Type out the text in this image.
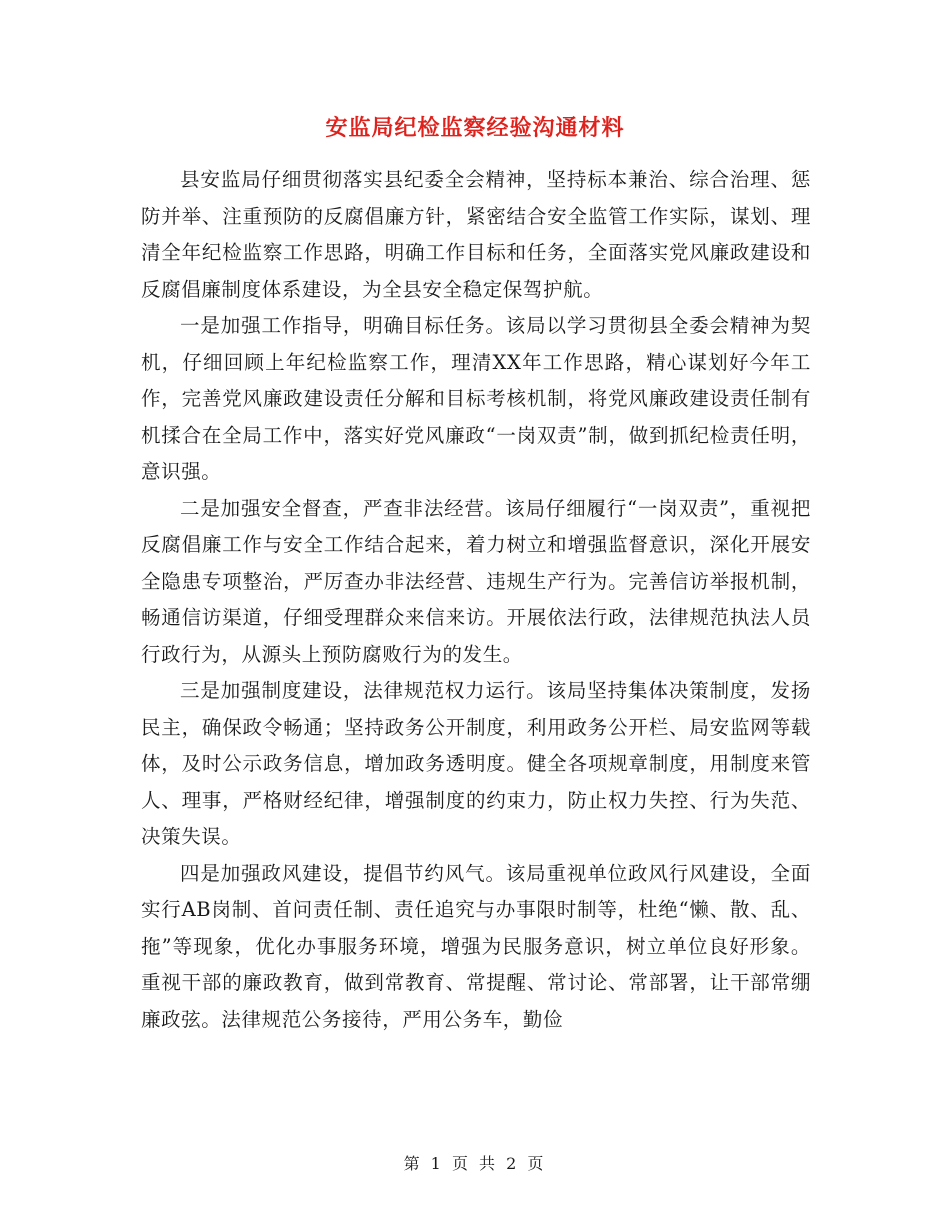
安监局纪检监察经验沟通材料

县安监局仔细贯彻落实县纪委全会精神，坚持标本兼治、综合治理、惩防并举、注重预防的反腐倡廉方针，紧密结合安全监管工作实际，谋划、理清全年纪检监察工作思路，明确工作目标和任务，全面落实党风廉政建设和反腐倡廉制度体系建设，为全县安全稳定保驾护航。

一是加强工作指导，明确目标任务。该局以学习贯彻县全委会精神为契机，仔细回顾上年纪检监察工作，理清XX年工作思路，精心谋划好今年工作，完善党风廉政建设责任分解和目标考核机制，将党风廉政建设责任制有机揉合在全局工作中，落实好党风廉政“一岗双责”制，做到抓纪检责任明，意识强。

二是加强安全督查，严查非法经营。该局仔细履行“一岗双责”，重视把反腐倡廉工作与安全工作结合起来，着力树立和增强监督意识，深化开展安全隐患专项整治，严厉查办非法经营、违规生产行为。完善信访举报机制，畅通信访渠道，仔细受理群众来信来访。开展依法行政，法律规范执法人员行政行为，从源头上预防腐败行为的发生。

三是加强制度建设，法律规范权力运行。该局坚持集体决策制度，发扬民主，确保政令畅通；坚持政务公开制度，利用政务公开栏、局安监网等载体，及时公示政务信息，增加政务透明度。健全各项规章制度，用制度来管人、理事，严格财经纪律，增强制度的约束力，防止权力失控、行为失范、决策失误。

四是加强政风建设，提倡节约风气。该局重视单位政风行风建设，全面实行AB岗制、首问责任制、责任追究与办事限时制等，杜绝“懒、散、乱、拖”等现象，优化办事服务环境，增强为民服务意识，树立单位良好形象。重视干部的廉政教育，做到常教育、常提醒、常讨论、常部署，让干部常绷廉政弦。法律规范公务接待，严用公务车，勤俭

第 1 页 共 2 页
